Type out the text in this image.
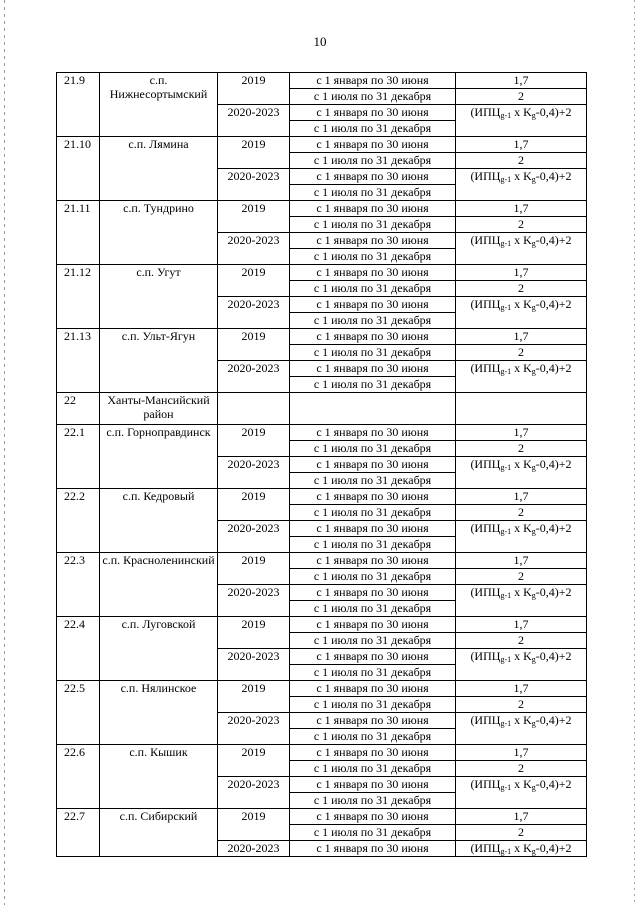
10
21.9	с.п. Нижнесортымский	2019	с 1 января по 30 июня	1,7
			с 1 июля по 31 декабря	2
		2020-2023	с 1 января по 30 июня	($ИПЦ_{g-1}$ x $K_g-0,4)+2$
			с 1 июля по 31 декабря	
21.10	с.п. Лямина	2019	с 1 января по 30 июня	1,7
			с 1 июля по 31 декабря	2
		2020-2023	с 1 января по 30 июня	($ИПЦ_{g-1}$ x $K_g-0,4)+2$
			с 1 июля по 31 декабря	
21.11	с.п. Тундрино	2019	с 1 января по 30 июня	1,7
			с 1 июля по 31 декабря	2
		2020-2023	с 1 января по 30 июня	($ИПЦ_{g-1}$ x $K_g-0,4)+2$
			с 1 июля по 31 декабря	
21.12	с.п. Угут	2019	с 1 января по 30 июня	1,7
			с 1 июля по 31 декабря	2
		2020-2023	с 1 января по 30 июня	($ИПЦ_{g-1}$ x $K_g-0,4)+2$
			с 1 июля по 31 декабря	
21.13	с.п. Ульт-Ягун	2019	с 1 января по 30 июня	1,7
			с 1 июля по 31 декабря	2
		2020-2023	с 1 января по 30 июня	($ИПЦ_{g-1}$ x $K_g-0,4)+2$
			с 1 июля по 31 декабря	
22	Ханты-Мансийский район			
22.1	с.п. Горноправдинск	2019	с 1 января по 30 июня	1,7
			с 1 июля по 31 декабря	2
		2020-2023	с 1 января по 30 июня	($ИПЦ_{g-1}$ x $K_g-0,4)+2$
			с 1 июля по 31 декабря	
22.2	с.п. Кедровый	2019	с 1 января по 30 июня	1,7
			с 1 июля по 31 декабря	2
		2020-2023	с 1 января по 30 июня	($ИПЦ_{g-1}$ x $K_g-0,4)+2$
			с 1 июля по 31 декабря	
22.3	с.п. Красноленинский	2019	с 1 января по 30 июня	1,7
			с 1 июля по 31 декабря	2
		2020-2023	с 1 января по 30 июня	($ИПЦ_{g-1}$ x $K_g-0,4)+2$
			с 1 июля по 31 декабря	
22.4	с.п. Луговской	2019	с 1 января по 30 июня	1,7
			с 1 июля по 31 декабря	2
		2020-2023	с 1 января по 30 июня	($ИПЦ_{g-1}$ x $K_g-0,4)+2$
			с 1 июля по 31 декабря	
22.5	с.п. Нялинское	2019	с 1 января по 30 июня	1,7
			с 1 июля по 31 декабря	2
		2020-2023	с 1 января по 30 июня	($ИПЦ_{g-1}$ x $K_g-0,4)+2$
			с 1 июля по 31 декабря	
22.6	с.п. Кышик	2019	с 1 января по 30 июня	1,7
			с 1 июля по 31 декабря	2
		2020-2023	с 1 января по 30 июня	($ИПЦ_{g-1}$ x $K_g-0,4)+2$
			с 1 июля по 31 декабря	
22.7	с.п. Сибирский	2019	с 1 января по 30 июня	1,7
			с 1 июля по 31 декабря	2
		2020-2023	с 1 января по 30 июня	($ИПЦ_{g-1}$ x $K_g-0,4)+2$
